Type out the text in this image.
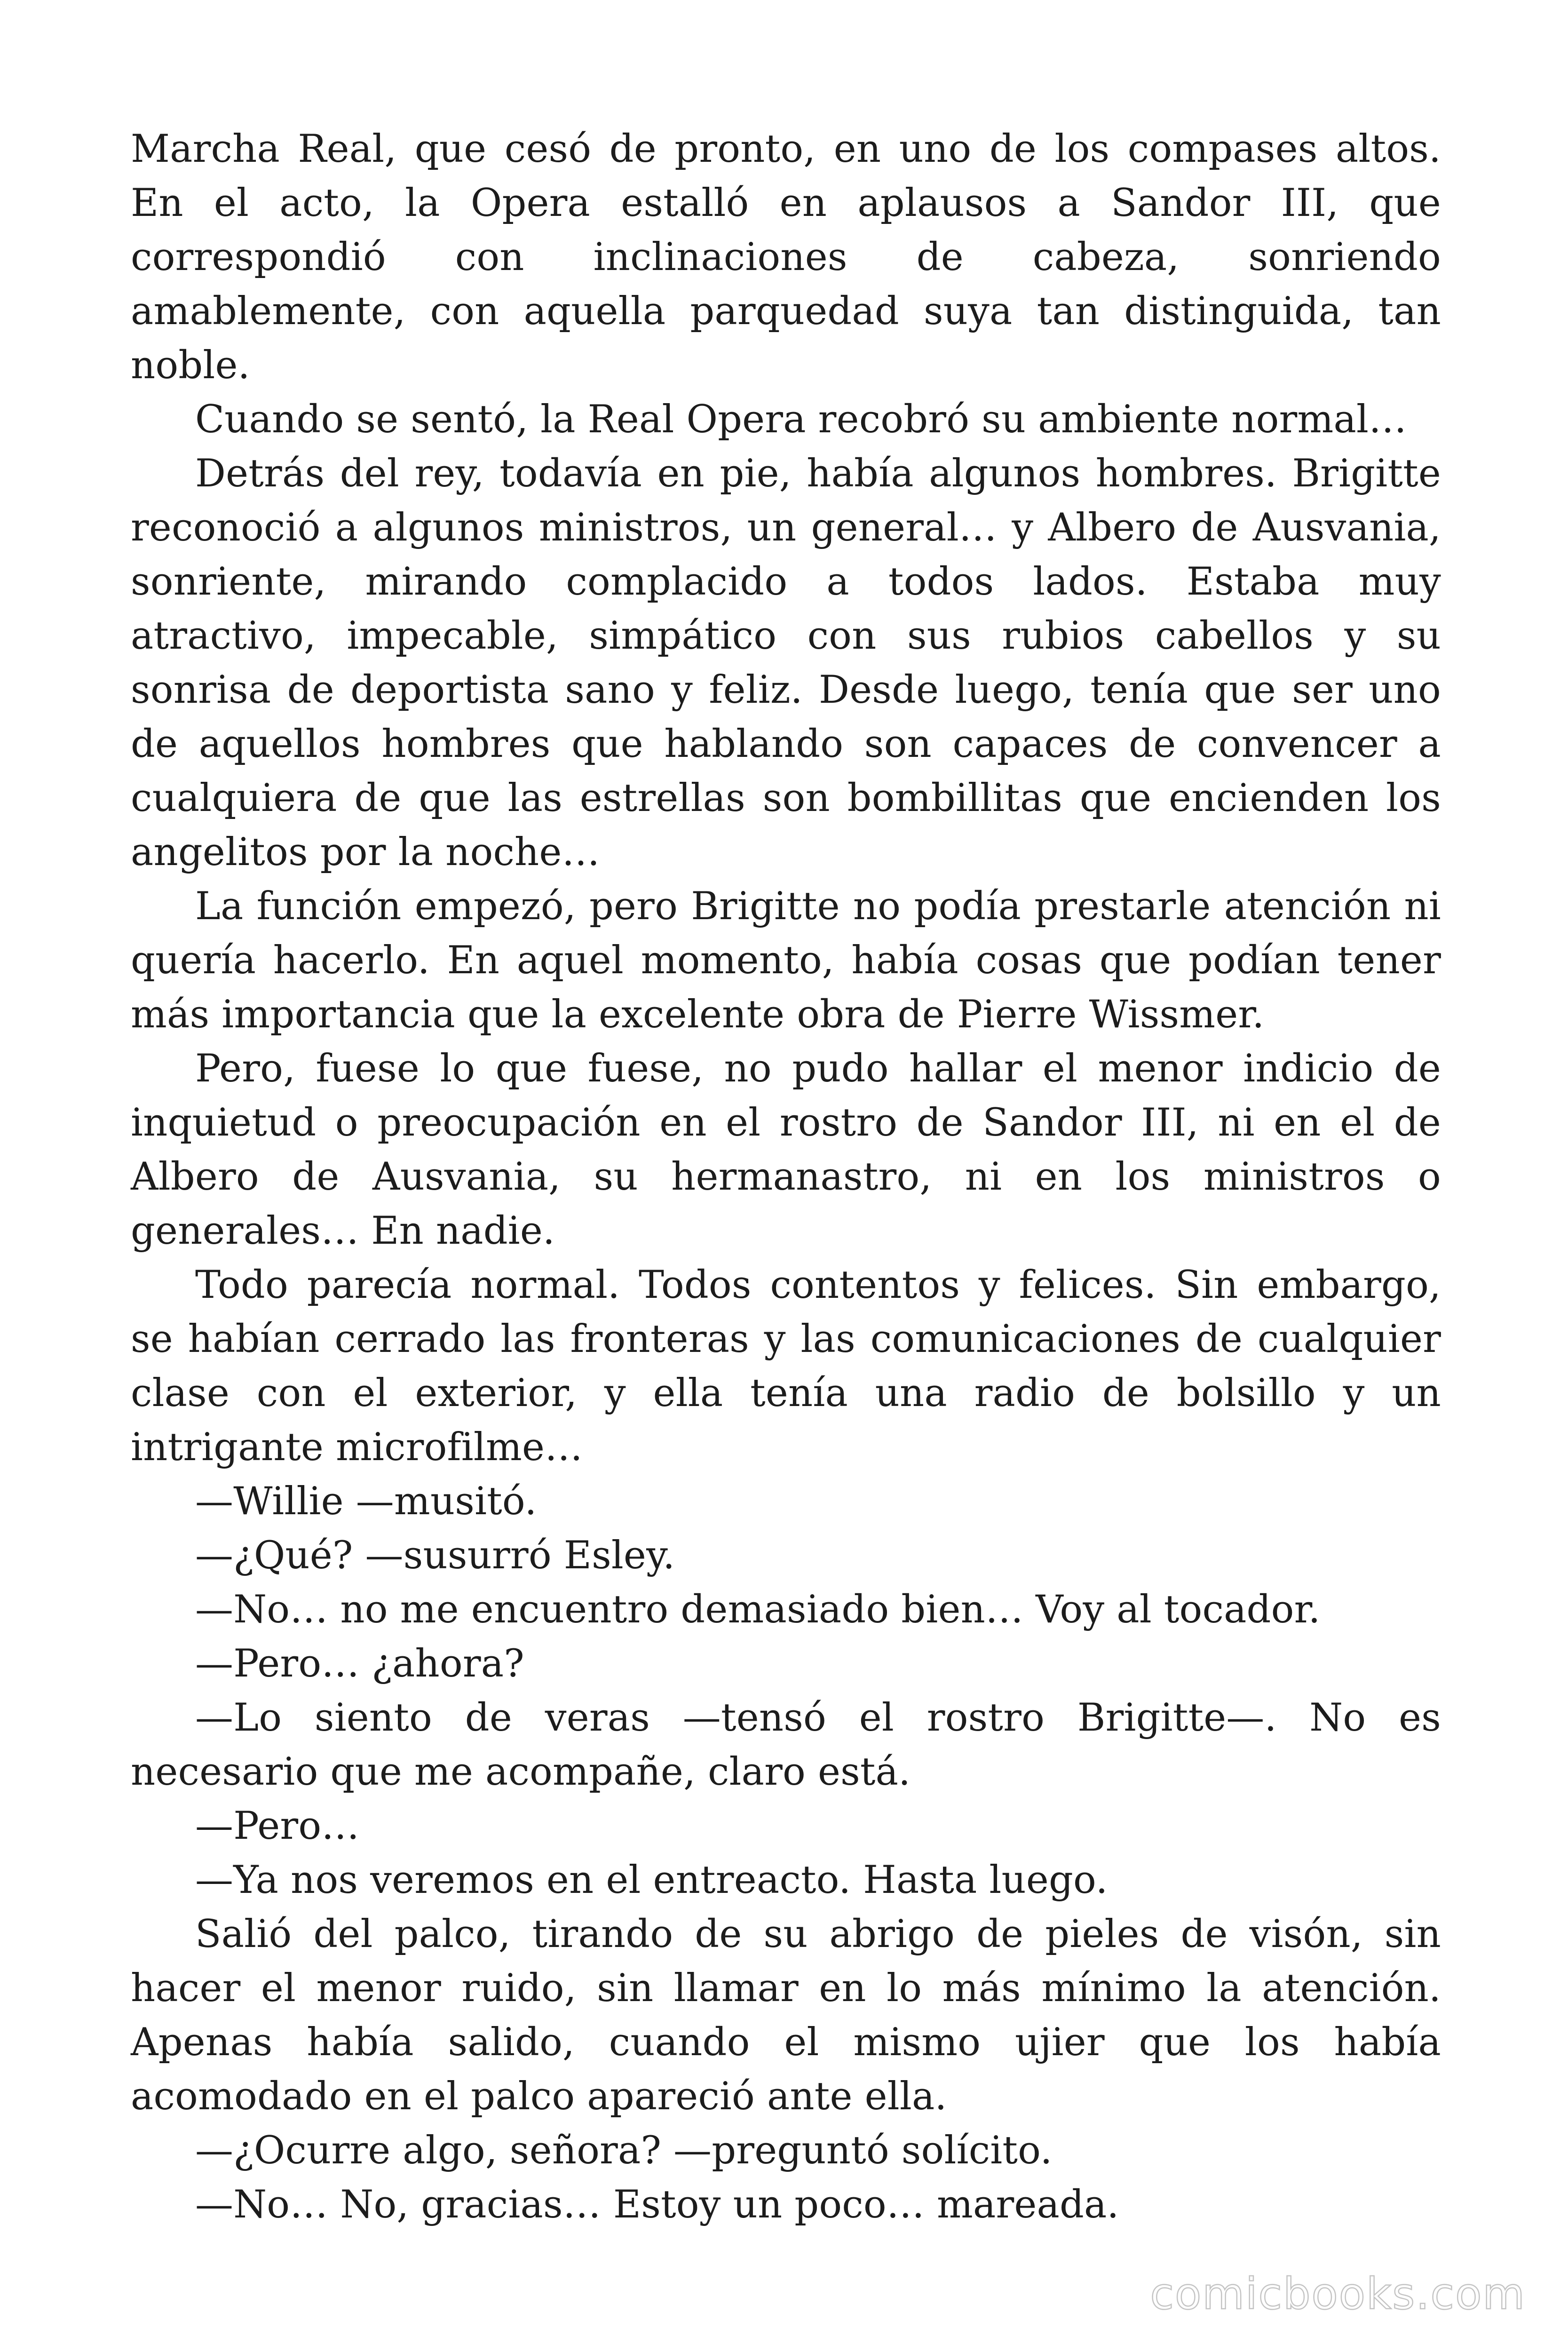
Marcha Real, que cesó de pronto, en uno de los compases altos. En el acto, la Opera estalló en aplausos a Sandor III, que correspondió con inclinaciones de cabeza, sonriendo amablemente, con aquella parquedad suya tan distinguida, tan noble.

Cuando se sentó, la Real Opera recobró su ambiente normal…

Detrás del rey, todavía en pie, había algunos hombres. Brigitte reconoció a algunos ministros, un general… y Albero de Ausvania, sonriente, mirando complacido a todos lados. Estaba muy atractivo, impecable, simpático con sus rubios cabellos y su sonrisa de deportista sano y feliz. Desde luego, tenía que ser uno de aquellos hombres que hablando son capaces de convencer a cualquiera de que las estrellas son bombillitas que encienden los angelitos por la noche…

La función empezó, pero Brigitte no podía prestarle atención ni quería hacerlo. En aquel momento, había cosas que podían tener más importancia que la excelente obra de Pierre Wissmer.

Pero, fuese lo que fuese, no pudo hallar el menor indicio de inquietud o preocupación en el rostro de Sandor III, ni en el de Albero de Ausvania, su hermanastro, ni en los ministros o generales… En nadie.

Todo parecía normal. Todos contentos y felices. Sin embargo, se habían cerrado las fronteras y las comunicaciones de cualquier clase con el exterior, y ella tenía una radio de bolsillo y un intrigante microfilme…

—Willie —musitó.

—¿Qué? —susurró Esley.

—No… no me encuentro demasiado bien… Voy al tocador.

—Pero… ¿ahora?

—Lo siento de veras —tensó el rostro Brigitte—. No es necesario que me acompañe, claro está.

—Pero…

—Ya nos veremos en el entreacto. Hasta luego.

Salió del palco, tirando de su abrigo de pieles de visón, sin hacer el menor ruido, sin llamar en lo más mínimo la atención. Apenas había salido, cuando el mismo ujier que los había acomodado en el palco apareció ante ella.

—¿Ocurre algo, señora? —preguntó solícito.

—No… No, gracias… Estoy un poco… mareada.

comicbooks.com
